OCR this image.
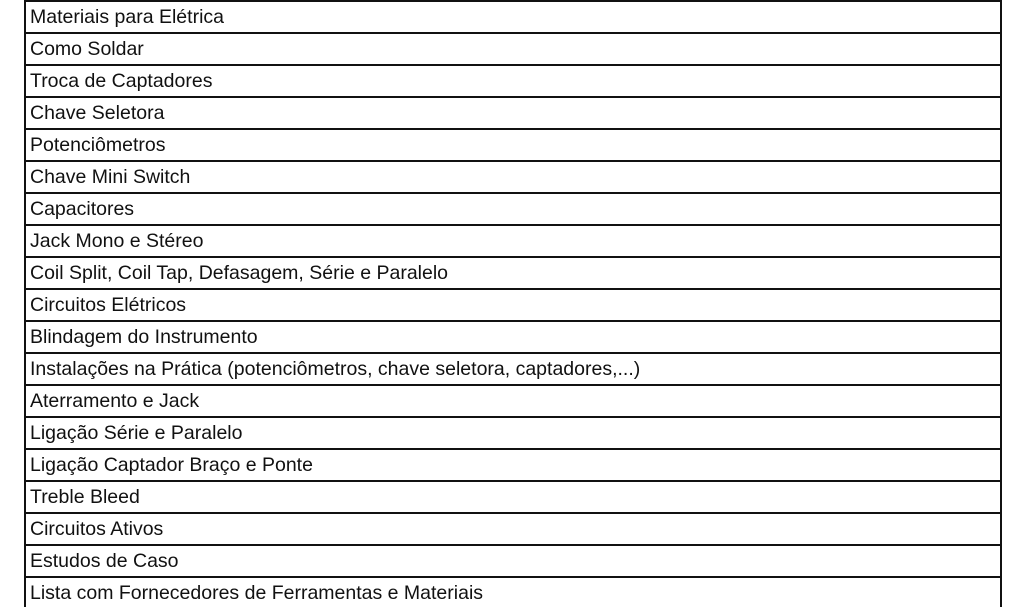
Materiais para Elétrica
Como Soldar
Troca de Captadores
Chave Seletora
Potenciômetros
Chave Mini Switch
Capacitores
Jack Mono e Stéreo
Coil Split, Coil Tap, Defasagem, Série e Paralelo
Circuitos Elétricos
Blindagem do Instrumento
Instalações na Prática (potenciômetros, chave seletora, captadores,...)
Aterramento e Jack
Ligação Série e Paralelo
Ligação Captador Braço e Ponte
Treble Bleed
Circuitos Ativos
Estudos de Caso
Lista com Fornecedores de Ferramentas e Materiais
